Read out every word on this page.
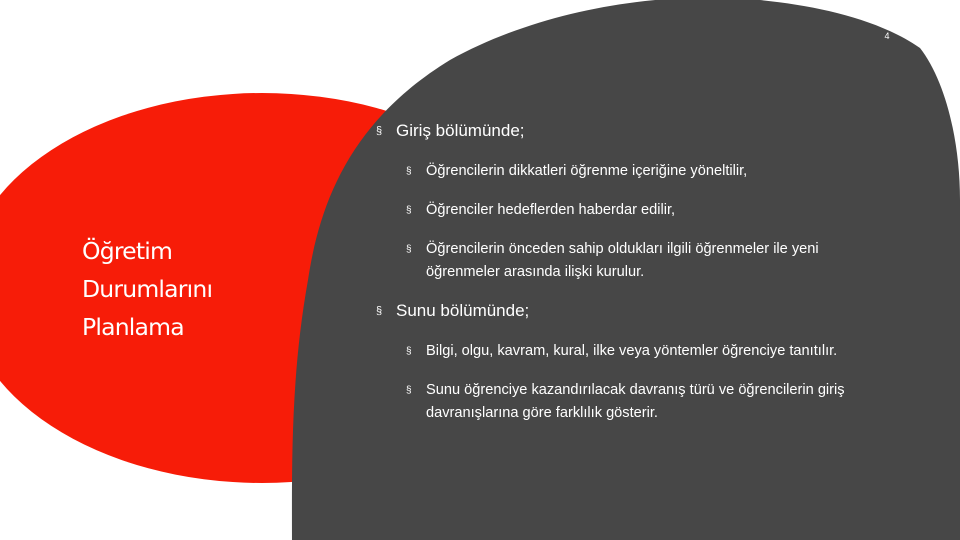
4
Öğretim
Durumlarını
Planlama
§ Giriş bölümünde;
§ Öğrencilerin dikkatleri öğrenme içeriğine yöneltilir,
§ Öğrenciler hedeflerden haberdar edilir,
§ Öğrencilerin önceden sahip oldukları ilgili öğrenmeler ile yeni öğrenmeler arasında ilişki kurulur.
§ Sunu bölümünde;
§ Bilgi, olgu, kavram, kural, ilke veya yöntemler öğrenciye tanıtılır.
§ Sunu öğrenciye kazandırılacak davranış türü ve öğrencilerin giriş davranışlarına göre farklılık gösterir.
